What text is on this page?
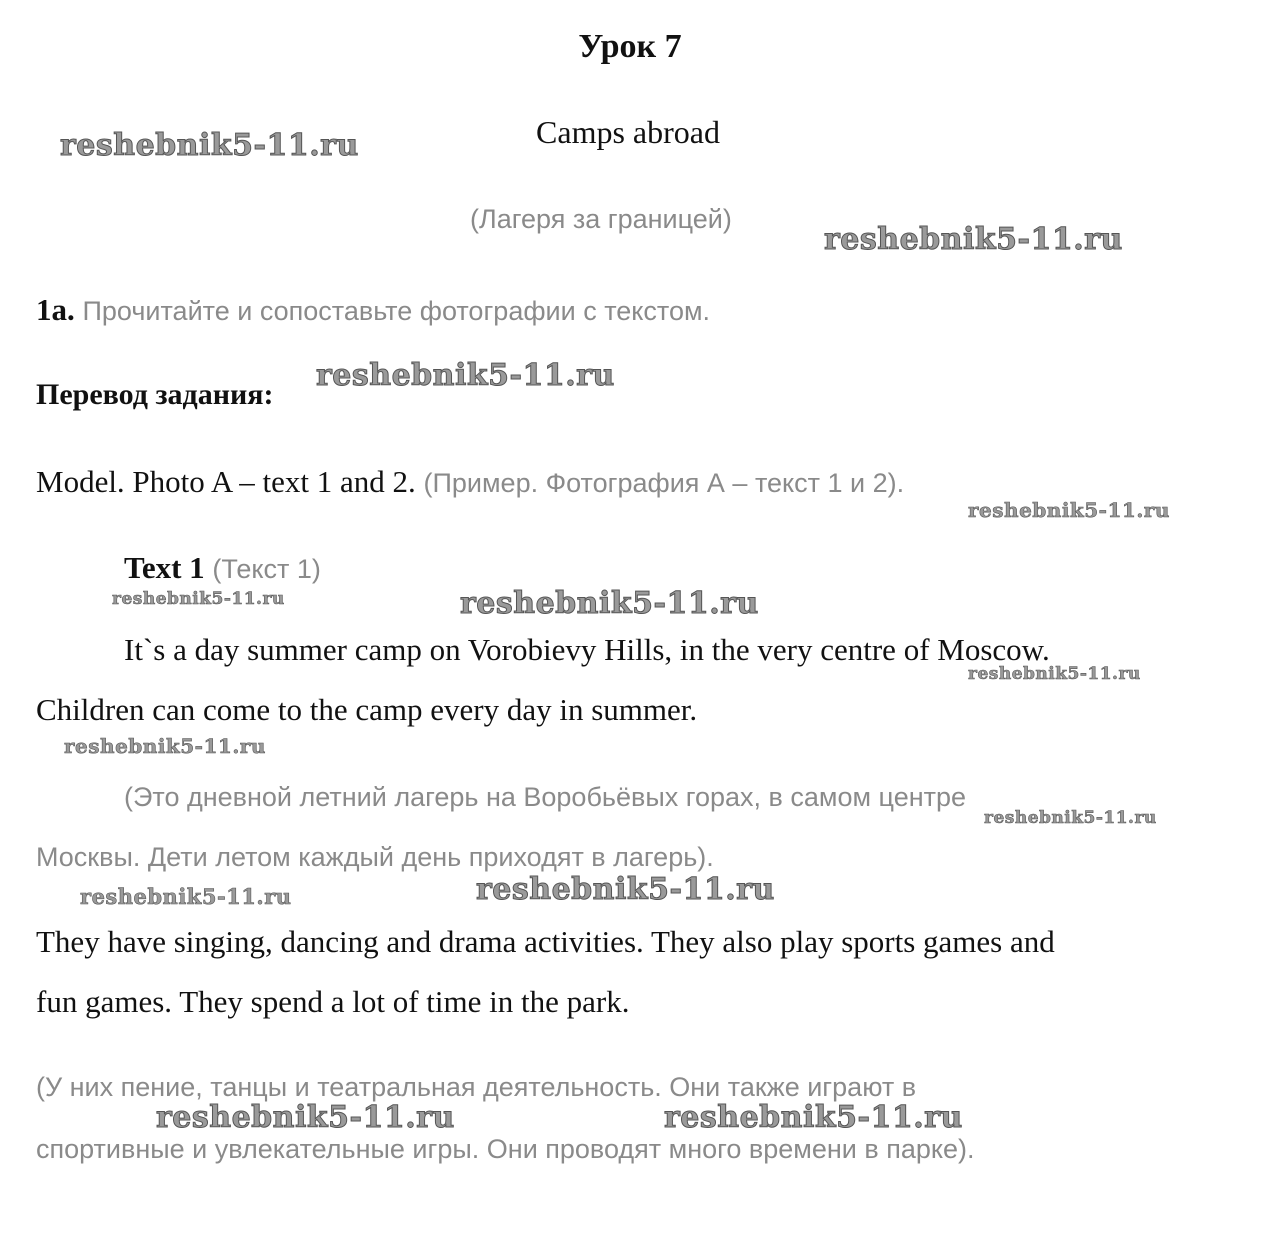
Урок 7
Camps abroad
(Лагеря за границей)
1a. Прочитайте и сопоставьте фотографии с текстом.
Перевод задания:
Model. Photo A – text 1 and 2. (Пример. Фотография А – текст 1 и 2).
Text 1 (Текст 1)
It`s a day summer camp on Vorobievy Hills, in the very centre of Moscow.
Children can come to the camp every day in summer.
(Это дневной летний лагерь на Воробьёвых горах, в самом центре
Москвы. Дети летом каждый день приходят в лагерь).
They have singing, dancing and drama activities. They also play sports games and
fun games. They spend a lot of time in the park.
(У них пение, танцы и театральная деятельность. Они также играют в
спортивные и увлекательные игры. Они проводят много времени в парке).
reshebnik5-11.ru
reshebnik5-11.ru
reshebnik5-11.ru
reshebnik5-11.ru
reshebnik5-11.ru	reshebnik5-11.ru
reshebnik5-11.ru
reshebnik5-11.ru
reshebnik5-11.ru
reshebnik5-11.ru	reshebnik5-11.ru
reshebnik5-11.ru	reshebnik5-11.ru
